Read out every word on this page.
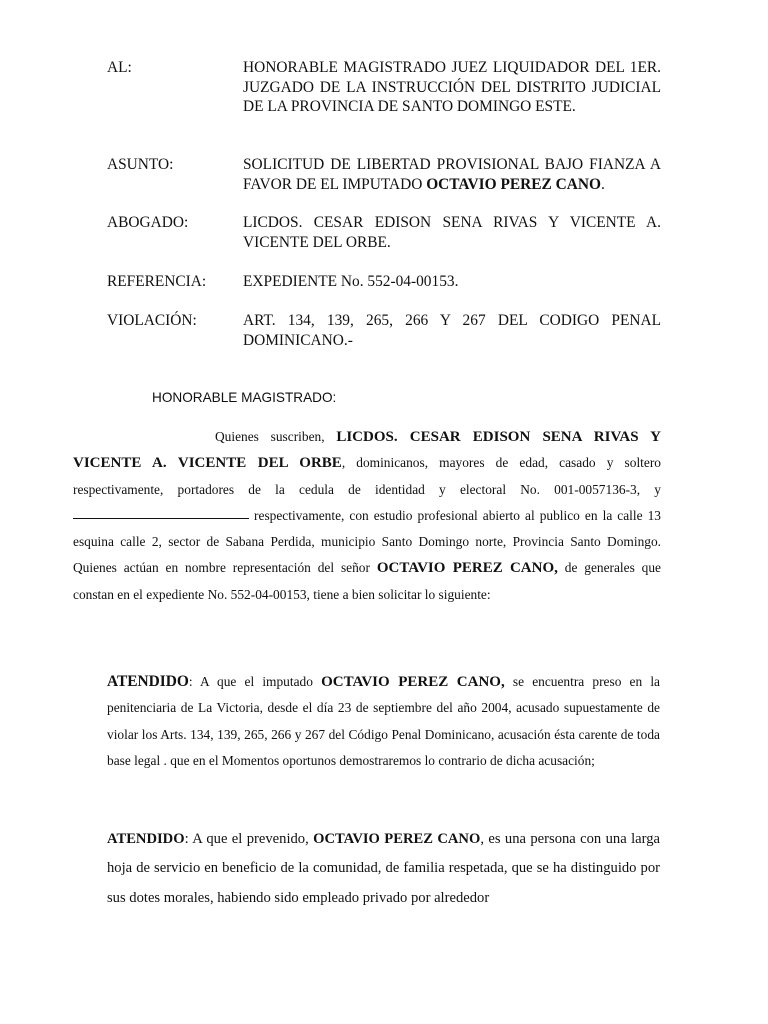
AL:	HONORABLE MAGISTRADO JUEZ LIQUIDADOR DEL 1ER. JUZGADO DE LA INSTRUCCIÓN DEL DISTRITO JUDICIAL DE LA PROVINCIA DE SANTO DOMINGO ESTE.
ASUNTO:	SOLICITUD DE LIBERTAD PROVISIONAL BAJO FIANZA A FAVOR DE EL IMPUTADO OCTAVIO PEREZ CANO.
ABOGADO:	LICDOS. CESAR EDISON SENA RIVAS Y VICENTE A. VICENTE DEL ORBE.
REFERENCIA:	EXPEDIENTE No. 552-04-00153.
VIOLACIÓN:	ART. 134, 139, 265, 266 Y 267 DEL CODIGO PENAL DOMINICANO.-
HONORABLE MAGISTRADO:
Quienes suscriben, LICDOS. CESAR EDISON SENA RIVAS Y VICENTE A. VICENTE DEL ORBE, dominicanos, mayores de edad, casado y soltero respectivamente, portadores de la cedula de identidad y electoral No. 001-0057136-3, y  respectivamente, con estudio profesional abierto al publico en la calle 13 esquina calle 2, sector de Sabana Perdida, municipio Santo Domingo norte, Provincia Santo Domingo. Quienes actúan en nombre representación del señor OCTAVIO PEREZ CANO, de generales que constan en el expediente No. 552-04-00153, tiene a bien solicitar lo siguiente:
ATENDIDO: A que el imputado OCTAVIO PEREZ CANO, se encuentra preso en la penitenciaria de La Victoria, desde el día 23 de septiembre del año 2004, acusado supuestamente de violar los Arts. 134, 139, 265, 266 y 267 del Código Penal Dominicano, acusación ésta carente de toda base legal . que en el Momentos oportunos demostraremos lo contrario de dicha acusación;
ATENDIDO: A que el prevenido, OCTAVIO PEREZ CANO, es una persona con una larga hoja de servicio en beneficio de la comunidad, de familia respetada, que se ha distinguido por sus dotes morales, habiendo sido empleado privado por alrededor
